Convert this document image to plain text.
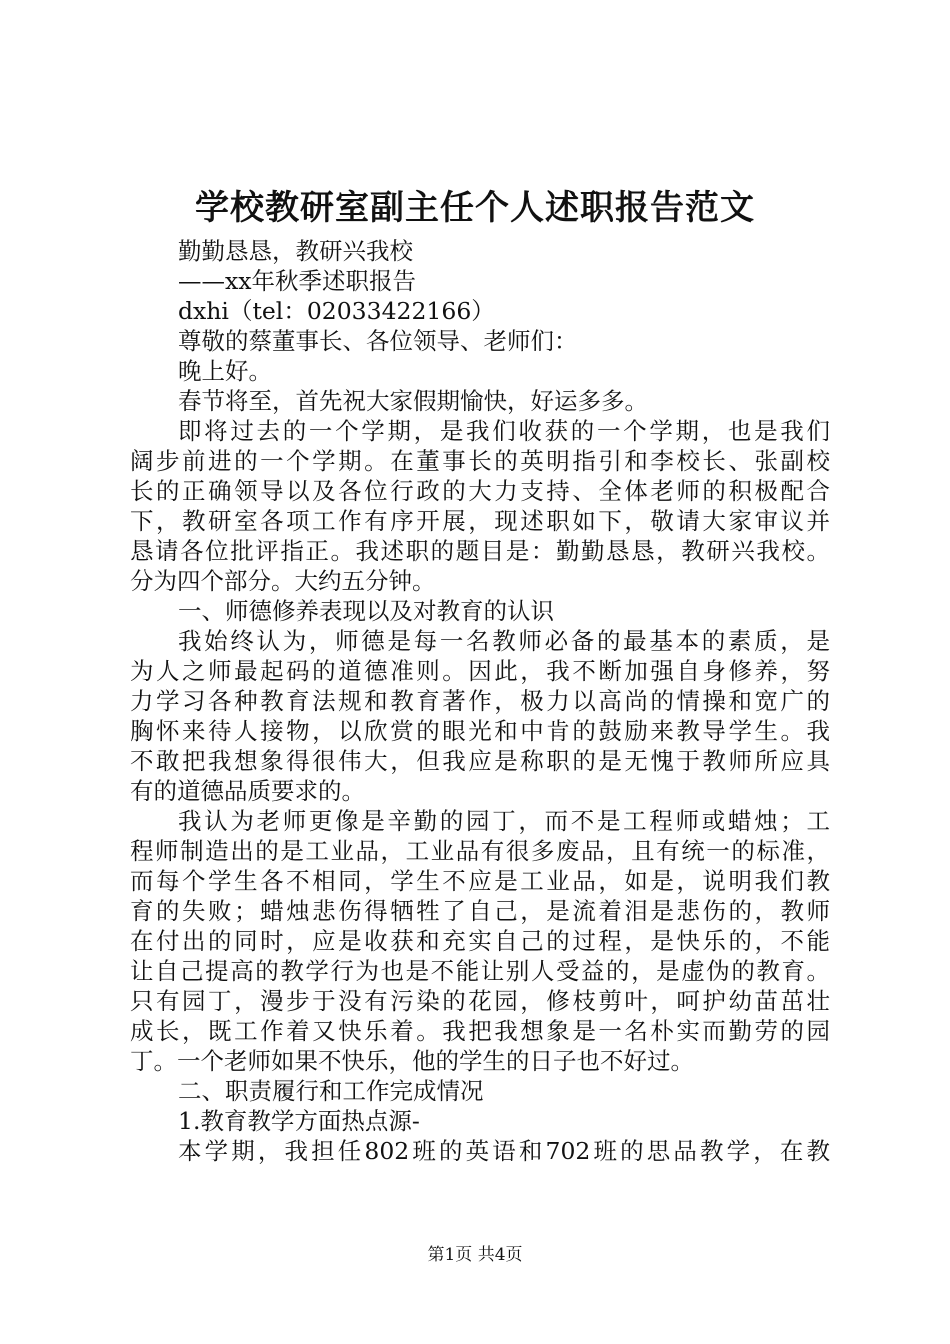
学校教研室副主任个人述职报告范文

勤勤恳恳，教研兴我校

——xx年秋季述职报告

dxhi（tel：02033422166）

尊敬的蔡董事长、各位领导、老师们：

晚上好。

春节将至，首先祝大家假期愉快，好运多多。

即将过去的一个学期，是我们收获的一个学期，也是我们

阔步前进的一个学期。在董事长的英明指引和李校长、张副校

长的正确领导以及各位行政的大力支持、全体老师的积极配合

下，教研室各项工作有序开展，现述职如下，敬请大家审议并

恳请各位批评指正。我述职的题目是：勤勤恳恳，教研兴我校。

分为四个部分。大约五分钟。

一、师德修养表现以及对教育的认识

我始终认为，师德是每一名教师必备的最基本的素质，是

为人之师最起码的道德准则。因此，我不断加强自身修养，努

力学习各种教育法规和教育著作，极力以高尚的情操和宽广的

胸怀来待人接物，以欣赏的眼光和中肯的鼓励来教导学生。我

不敢把我想象得很伟大，但我应是称职的是无愧于教师所应具

有的道德品质要求的。

我认为老师更像是辛勤的园丁，而不是工程师或蜡烛；工

程师制造出的是工业品，工业品有很多废品，且有统一的标准，

而每个学生各不相同，学生不应是工业品，如是，说明我们教

育的失败；蜡烛悲伤得牺牲了自己，是流着泪是悲伤的，教师

在付出的同时，应是收获和充实自己的过程，是快乐的，不能

让自己提高的教学行为也是不能让别人受益的，是虚伪的教育。

只有园丁，漫步于没有污染的花园，修枝剪叶，呵护幼苗茁壮

成长，既工作着又快乐着。我把我想象是一名朴实而勤劳的园

丁。一个老师如果不快乐，他的学生的日子也不好过。

二、职责履行和工作完成情况

1.教育教学方面热点源-

本学期，我担任802班的英语和702班的思品教学，在教

第1页 共4页
